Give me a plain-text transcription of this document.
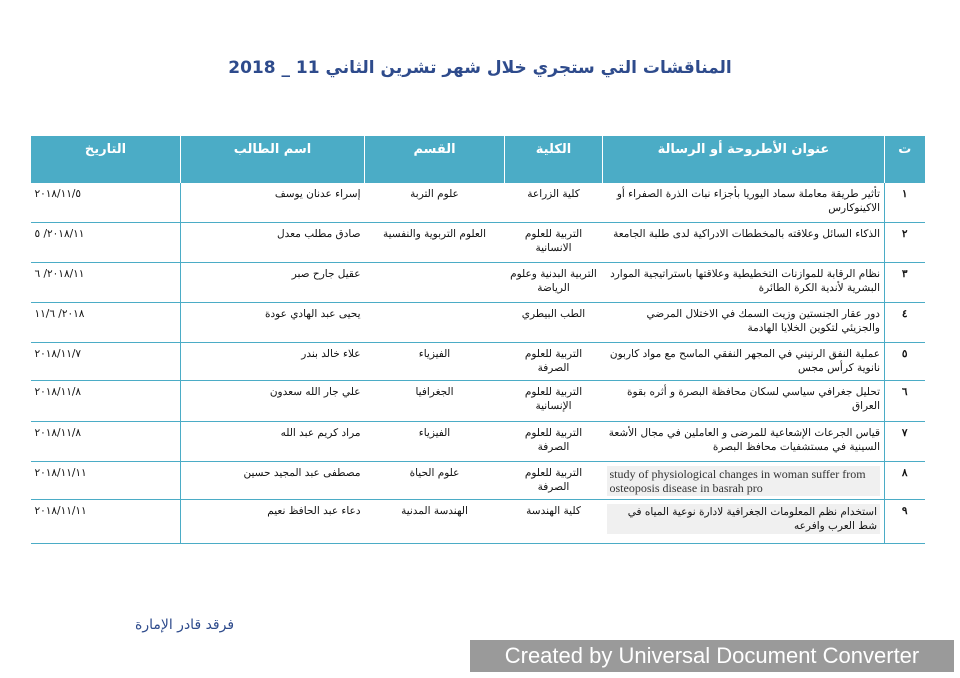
المناقشات التي ستجري خلال شهر تشرين الثاني 11 _ 2018
ت	عنوان الأطروحة أو الرسالة	الكلية	القسم	اسم الطالب	التاريخ
١	تأثير طريقة معاملة سماد اليوريا بأجزاء نبات الذرة الصفراء أو الاكينوكارس	كلية الزراعة	علوم التربة	إسراء عدنان يوسف	٢٠١٨/١١/٥
٢	الذكاء السائل وعلاقته بالمخططات الادراكية لدى طلبة الجامعة	التربية للعلوم الانسانية	العلوم التربوية والنفسية	صادق مطلب معدل	٢٠١٨/١١/ ٥
٣	نظام الرقابة للموازنات التخطيطية وعلاقتها باستراتيجية الموارد البشرية لأندية الكرة الطائرة	التربية البدنية وعلوم الرياضة		عقيل جارح صبر	٢٠١٨/١١/ ٦
٤	دور عقار الجنستين وزيت السمك في الاختلال المرضي والجزيئي لتكوين الخلايا الهادمة	الطب البيطري		يحيى عبد الهادي عودة	٢٠١٨/ ١١/٦
٥	عملية النفق الرنيني في المجهر النفقي الماسح مع مواد كاربون نانوية كرأس مجس	التربية للعلوم الصرفة	الفيزياء	علاء خالد بندر	٢٠١٨/١١/٧
٦	تحليل جغرافي سياسي لسكان محافظة البصرة و أثره بقوة العراق	التربية للعلوم الإنسانية	الجغرافيا	علي جار الله سعدون	٢٠١٨/١١/٨
٧	قياس الجرعات الإشعاعية للمرضى و العاملين في مجال الأشعة السينية في مستشفيات محافظ البصرة	التربية للعلوم الصرفة	الفيزياء	مراد كريم عبد الله	٢٠١٨/١١/٨
٨	study of physiological changes in woman suffer from osteoposis disease in basrah pro	التربية للعلوم الصرفة	علوم الحياة	مصطفى عبد المجيد حسين	٢٠١٨/١١/١١
٩	استخدام نظم المعلومات الجغرافية لادارة نوعية المياه في شط العرب وافرعه	كلية الهندسة	الهندسة المدنية	دعاء عبد الحافظ نعيم	٢٠١٨/١١/١١
فرقد قادر الإمارة
Created by Universal Document Converter
